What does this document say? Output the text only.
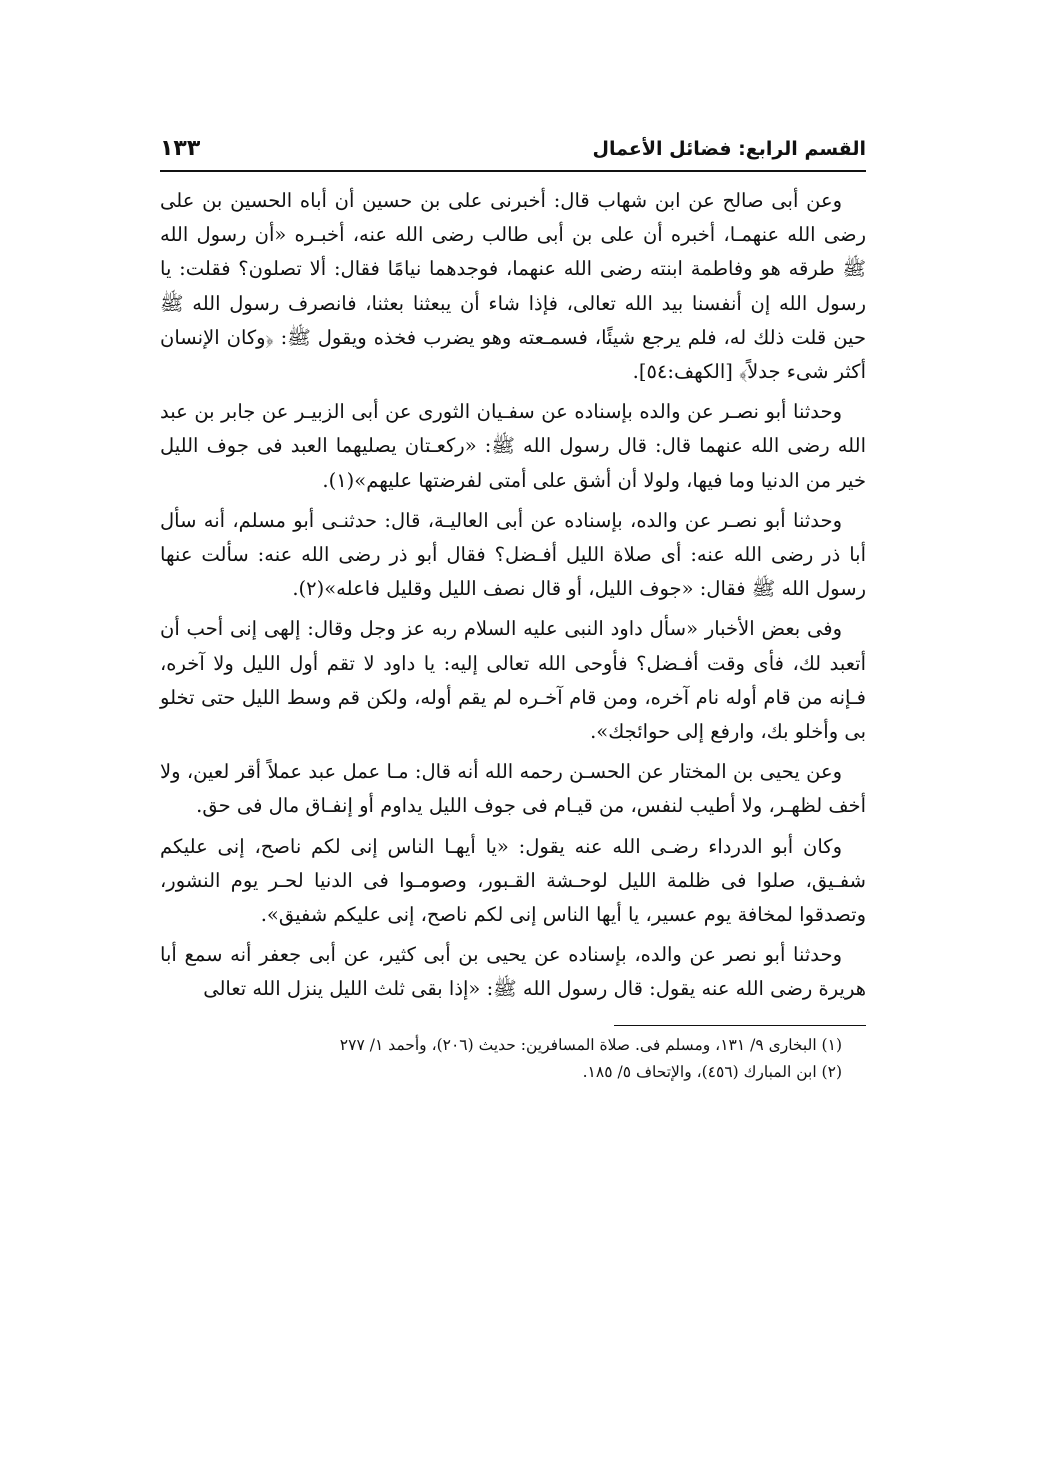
القسم الرابع: فضائل الأعمال
١٣٣

وعن أبى صالح عن ابن شهاب قال: أخبرنى على بن حسين أن أباه الحسين بن على رضى الله عنهمـا، أخبره أن على بن أبى طالب رضى الله عنه، أخبـره «أن رسول الله ﷺ طرقه هو وفاطمة ابنته رضى الله عنهما، فوجدهما نيامًا فقال: ألا تصلون؟ فقلت: يا رسول الله إن أنفسنا بيد الله تعالى، فإذا شاء أن يبعثنا بعثنا، فانصرف رسول الله ﷺ حين قلت ذلك له، فلم يرجع شيئًا، فسمـعته وهو يضرب فخذه ويقول ﷺ: ﴿وكان الإنسان أكثر شىء جدلاً﴾ [الكهف:٥٤].

وحدثنا أبو نصـر عن والده بإسناده عن سفـيان الثورى عن أبى الزبيـر عن جابر بن عبد الله رضى الله عنهما قال: قال رسول الله ﷺ: «ركعـتان يصليهما العبد فى جوف الليل خير من الدنيا وما فيها، ولولا أن أشق على أمتى لفرضتها عليهم»(١).

وحدثنا أبو نصـر عن والده، بإسناده عن أبى العاليـة، قال: حدثنـى أبو مسلم، أنه سأل أبا ذر رضى الله عنه: أى صلاة الليل أفـضل؟ فقال أبو ذر رضى الله عنه: سألت عنها رسول الله ﷺ فقال: «جوف الليل، أو قال نصف الليل وقليل فاعله»(٢).

وفى بعض الأخبار «سأل داود النبى عليه السلام ربه عز وجل وقال: إلهى إنى أحب أن أتعبد لك، فأى وقت أفـضل؟ فأوحى الله تعالى إليه: يا داود لا تقم أول الليل ولا آخره، فـإنه من قام أوله نام آخره، ومن قام آخـره لم يقم أوله، ولكن قم وسط الليل حتى تخلو بى وأخلو بك، وارفع إلى حوائجك».

وعن يحيى بن المختار عن الحسـن رحمه الله أنه قال: مـا عمل عبد عملاً أقر لعين، ولا أخف لظهـر، ولا أطيب لنفس، من قيـام فى جوف الليل يداوم أو إنفـاق مال فى حق.

وكان أبو الدرداء رضـى الله عنه يقول: «يا أيهـا الناس إنى لكم ناصح، إنى عليكم شفـيق، صلوا فى ظلمة الليل لوحـشة القـبور، وصومـوا فى الدنيا لحـر يوم النشور، وتصدقوا لمخافة يوم عسير، يا أيها الناس إنى لكم ناصح، إنى عليكم شفيق».

وحدثنا أبو نصر عن والده، بإسناده عن يحيى بن أبى كثير، عن أبى جعفر أنه سمع أبا هريرة رضى الله عنه يقول: قال رسول الله ﷺ: «إذا بقى ثلث الليل ينزل الله تعالى

(١) البخارى ٩/ ١٣١، ومسلم فى. صلاة المسافرين: حديث (٢٠٦)، وأحمد ١/ ٢٧٧

(٢) ابن المبارك (٤٥٦)، والإتحاف ٥/ ١٨٥.
